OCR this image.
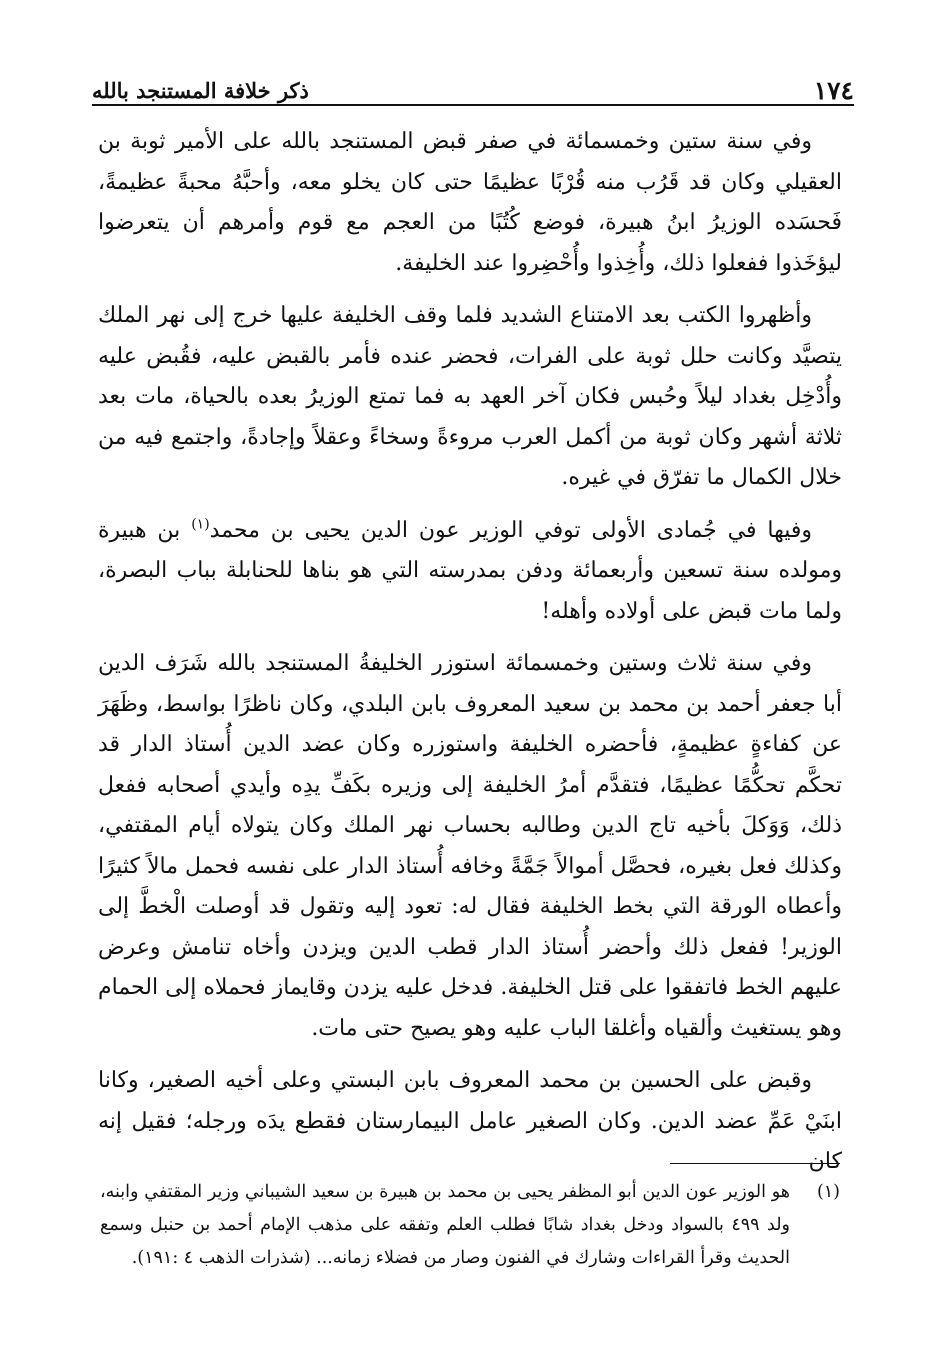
١٧٤
ذكر خلافة المستنجد بالله

وفي سنة ستين وخمسمائة في صفر قبض المستنجد بالله على الأمير ثوبة بن العقيلي وكان قد قَرُب منه قُرْبًا عظيمًا حتى كان يخلو معه، وأحبَّهُ محبةً عظيمةً، فَحسَده الوزيرُ ابنُ هبيرة، فوضع كُتُبًا من العجم مع قوم وأمرهم أن يتعرضوا ليؤخَذوا ففعلوا ذلك، وأُخِذوا وأُحْضِروا عند الخليفة.

وأظهروا الكتب بعد الامتناع الشديد فلما وقف الخليفة عليها خرج إلى نهر الملك يتصيَّد وكانت حلل ثوبة على الفرات، فحضر عنده فأمر بالقبض عليه، فقُبض عليه وأُدْخِل بغداد ليلاً وحُبس فكان آخر العهد به فما تمتع الوزيرُ بعده بالحياة، مات بعد ثلاثة أشهر وكان ثوبة من أكمل العرب مروءةً وسخاءً وعقلاً وإجادةً، واجتمع فيه من خلال الكمال ما تفرّق في غيره.

وفيها في جُمادى الأولى توفي الوزير عون الدين يحيى بن محمد$^{(١)}$ بن هبيرة ومولده سنة تسعين وأربعمائة ودفن بمدرسته التي هو بناها للحنابلة بباب البصرة، ولما مات قبض على أولاده وأهله!

وفي سنة ثلاث وستين وخمسمائة استوزر الخليفةُ المستنجد بالله شَرَف الدين أبا جعفر أحمد بن محمد بن سعيد المعروف بابن البلدي، وكان ناظرًا بواسط، وظَهَرَ عن كفاءةٍ عظيمةٍ، فأحضره الخليفة واستوزره وكان عضد الدين أُستاذ الدار قد تحكَّم تحكُّمًا عظيمًا، فتقدَّم أمرُ الخليفة إلى وزيره بكَفِّ يدِه وأيدي أصحابه ففعل ذلك، وَوَكلَ بأخيه تاج الدين وطالبه بحساب نهر الملك وكان يتولاه أيام المقتفي، وكذلك فعل بغيره، فحصَّل أموالاً جَمَّةً وخافه أُستاذ الدار على نفسه فحمل مالاً كثيرًا وأعطاه الورقة التي بخط الخليفة فقال له: تعود إليه وتقول قد أوصلت الْخطَّ إلى الوزير! ففعل ذلك وأحضر أُستاذ الدار قطب الدين ويزدن وأخاه تنامش وعرض عليهم الخط فاتفقوا على قتل الخليفة. فدخل عليه يزدن وقايماز فحملاه إلى الحمام وهو يستغيث وألقياه وأغلقا الباب عليه وهو يصيح حتى مات.

وقبض على الحسين بن محمد المعروف بابن البستي وعلى أخيه الصغير، وكانا ابنَيْ عَمِّ عضد الدين. وكان الصغير عامل البيمارستان فقطع يدَه ورجله؛ فقيل إنه كان

(١)
هو الوزير عون الدين أبو المظفر يحيى بن محمد بن هبيرة بن سعيد الشيباني وزير المقتفي وابنه، ولد ٤٩٩ بالسواد ودخل بغداد شابًا فطلب العلم وتفقه على مذهب الإمام أحمد بن حنبل وسمع الحديث وقرأ القراءات وشارك في الفنون وصار من فضلاء زمانه... (شذرات الذهب ٤ :١٩١).
